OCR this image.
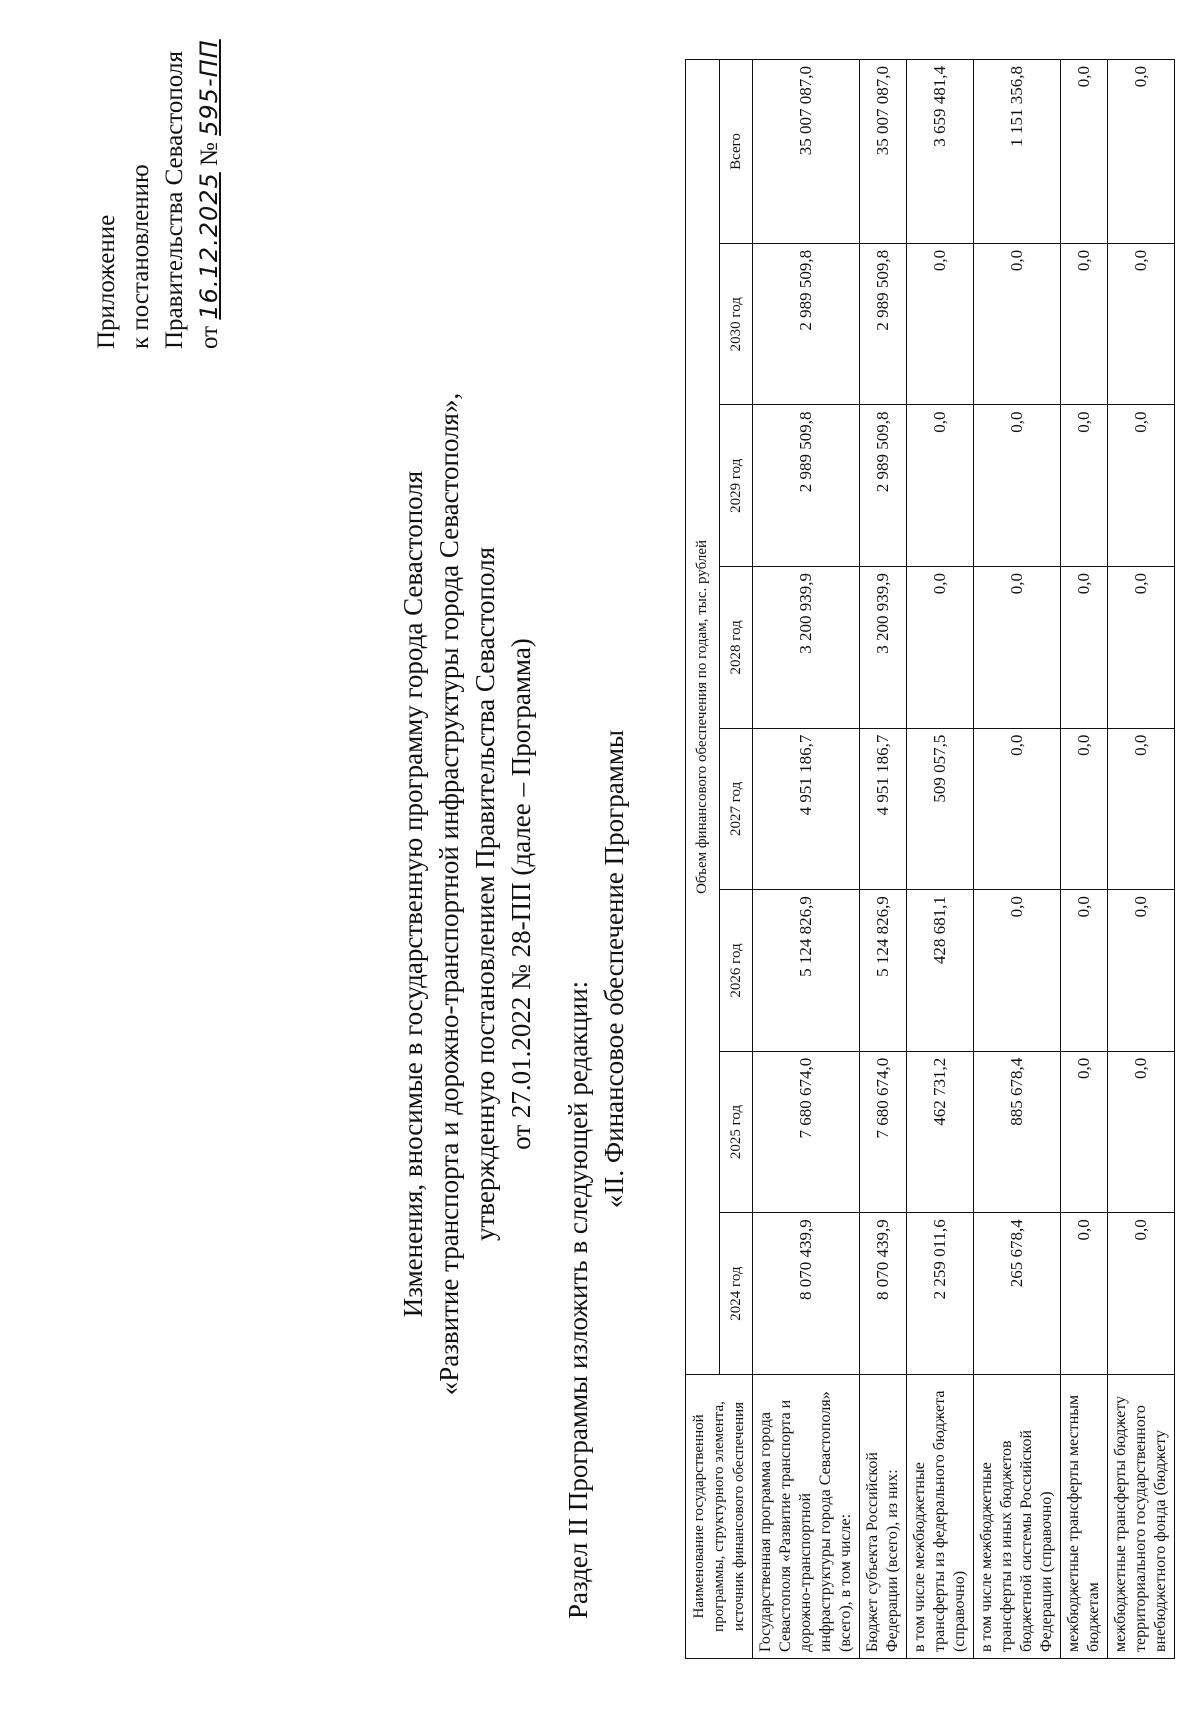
Приложение к постановлению Правительства Севастополя от 16.12.2025 № 595-ПП
Изменения, вносимые в государственную программу города Севастополя «Развитие транспорта и дорожно-транспортной инфраструктуры города Севастополя», утвержденную постановлением Правительства Севастополя от 27.01.2022 № 28-ПП (далее – Программа)
Раздел II Программы изложить в следующей редакции:
«II. Финансовое обеспечение Программы
Наименование государственной программы, структурного элемента, источник финансового обеспечения	Объем финансового обеспечения по годам, тыс. рублей							
	2024 год	2025 год	2026 год	2027 год	2028 год	2029 год	2030 год	Всего
Государственная программа города Севастополя «Развитие транспорта и дорожно-транспортной инфраструктуры города Севастополя» (всего), в том числе:	8 070 439,9	7 680 674,0	5 124 826,9	4 951 186,7	3 200 939,9	2 989 509,8	2 989 509,8	35 007 087,0
Бюджет субъекта Российской Федерации (всего), из них:	8 070 439,9	7 680 674,0	5 124 826,9	4 951 186,7	3 200 939,9	2 989 509,8	2 989 509,8	35 007 087,0
в том числе межбюджетные трансферты из федерального бюджета (справочно)	2 259 011,6	462 731,2	428 681,1	509 057,5	0,0	0,0	0,0	3 659 481,4
в том числе межбюджетные трансферты из иных бюджетов бюджетной системы Российской Федерации (справочно)	265 678,4	885 678,4	0,0	0,0	0,0	0,0	0,0	1 151 356,8
межбюджетные трансферты местным бюджетам	0,0	0,0	0,0	0,0	0,0	0,0	0,0	0,0
межбюджетные трансферты бюджету территориального государственного внебюджетного фонда (бюджету	0,0	0,0	0,0	0,0	0,0	0,0	0,0	0,0
